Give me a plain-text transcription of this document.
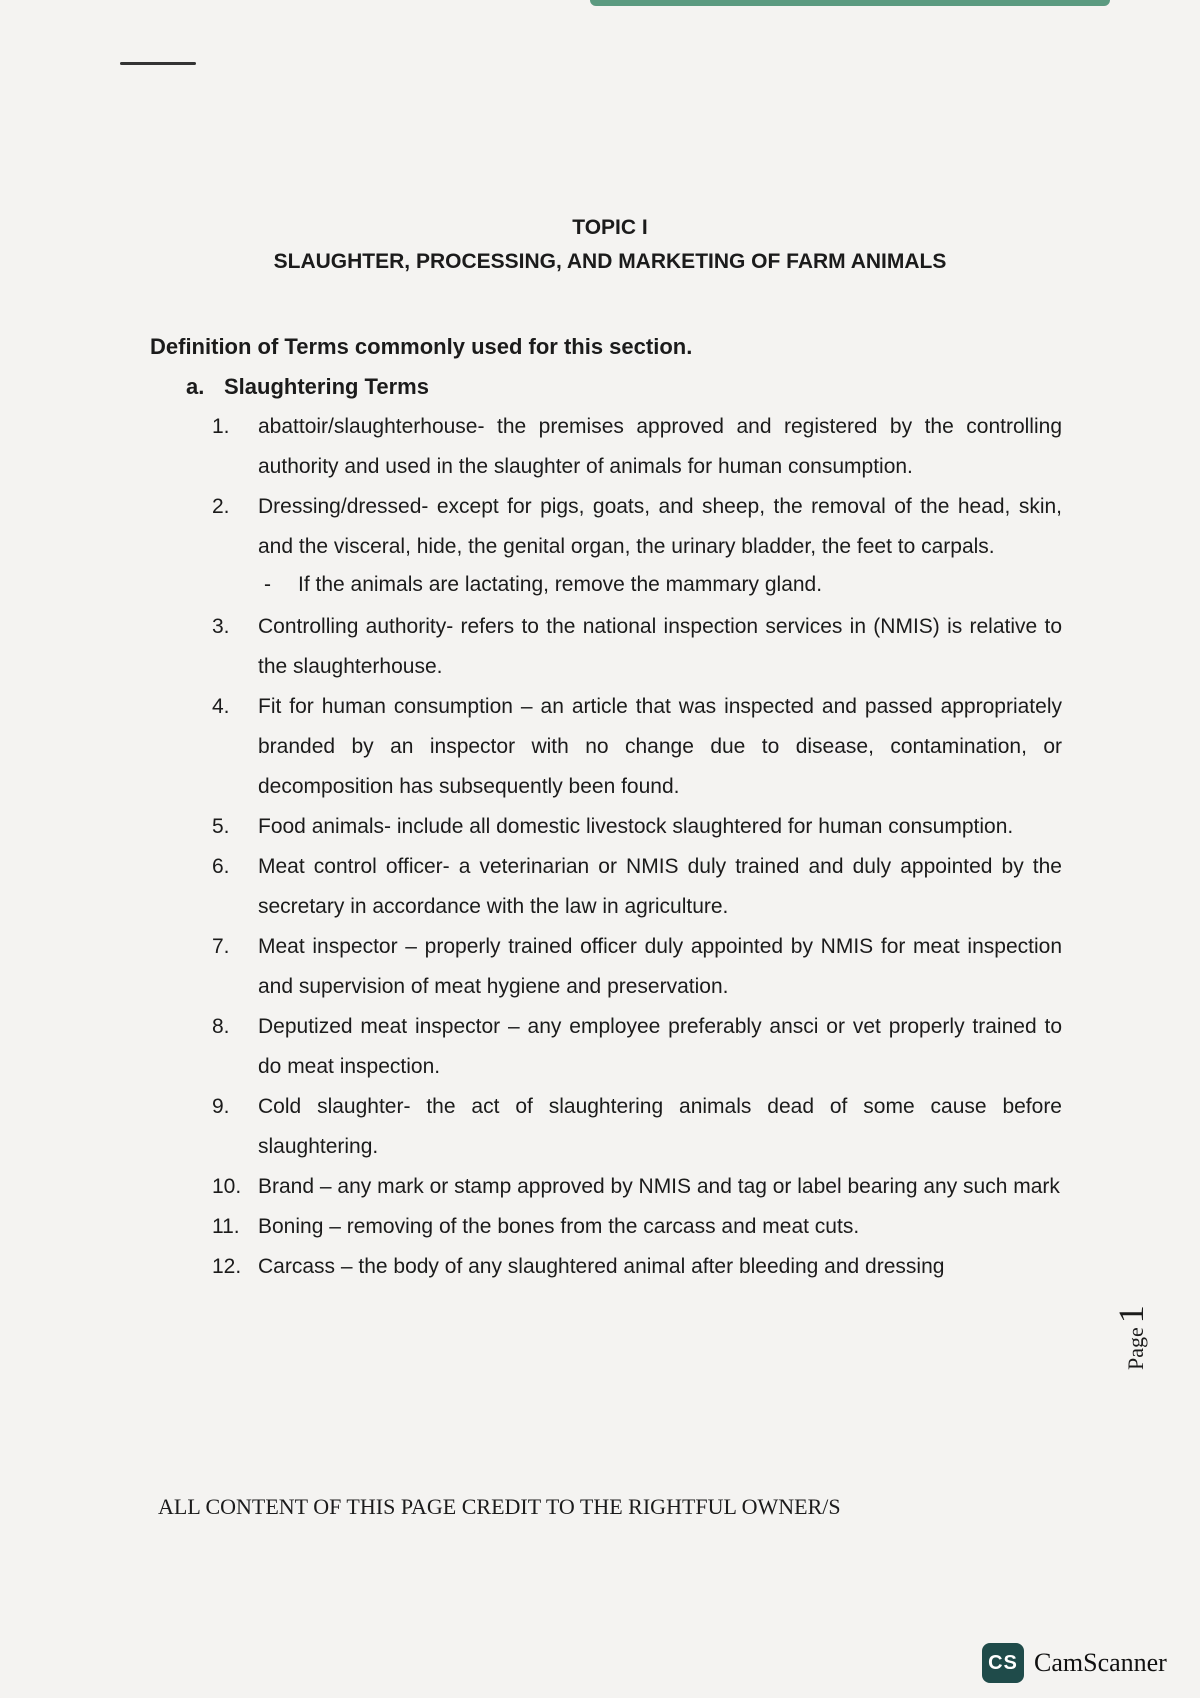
TOPIC I
SLAUGHTER, PROCESSING, AND MARKETING OF FARM ANIMALS
Definition of Terms commonly used for this section.
a. Slaughtering Terms
1.	abattoir/slaughterhouse- the premises approved and registered by the controlling authority and used in the slaughter of animals for human consumption.
2.	Dressing/dressed- except for pigs, goats, and sheep, the removal of the head, skin, and the visceral, hide, the genital organ, the urinary bladder, the feet to carpals.
-	If the animals are lactating, remove the mammary gland.
3.	Controlling authority- refers to the national inspection services in (NMIS) is relative to the slaughterhouse.
4.	Fit for human consumption – an article that was inspected and passed appropriately branded by an inspector with no change due to disease, contamination, or decomposition has subsequently been found.
5.	Food animals- include all domestic livestock slaughtered for human consumption.
6.	Meat control officer- a veterinarian or NMIS duly trained and duly appointed by the secretary in accordance with the law in agriculture.
7.	Meat inspector – properly trained officer duly appointed by NMIS for meat inspection and supervision of meat hygiene and preservation.
8.	Deputized meat inspector – any employee preferably ansci or vet properly trained to do meat inspection.
9.	Cold slaughter- the act of slaughtering animals dead of some cause before slaughtering.
10. Brand – any mark or stamp approved by NMIS and tag or label bearing any such mark
11. Boning – removing of the bones from the carcass and meat cuts.
12. Carcass – the body of any slaughtered animal after bleeding and dressing
Page1
ALL CONTENT OF THIS PAGE CREDIT TO THE RIGHTFUL OWNER/S
CS CamScanner
